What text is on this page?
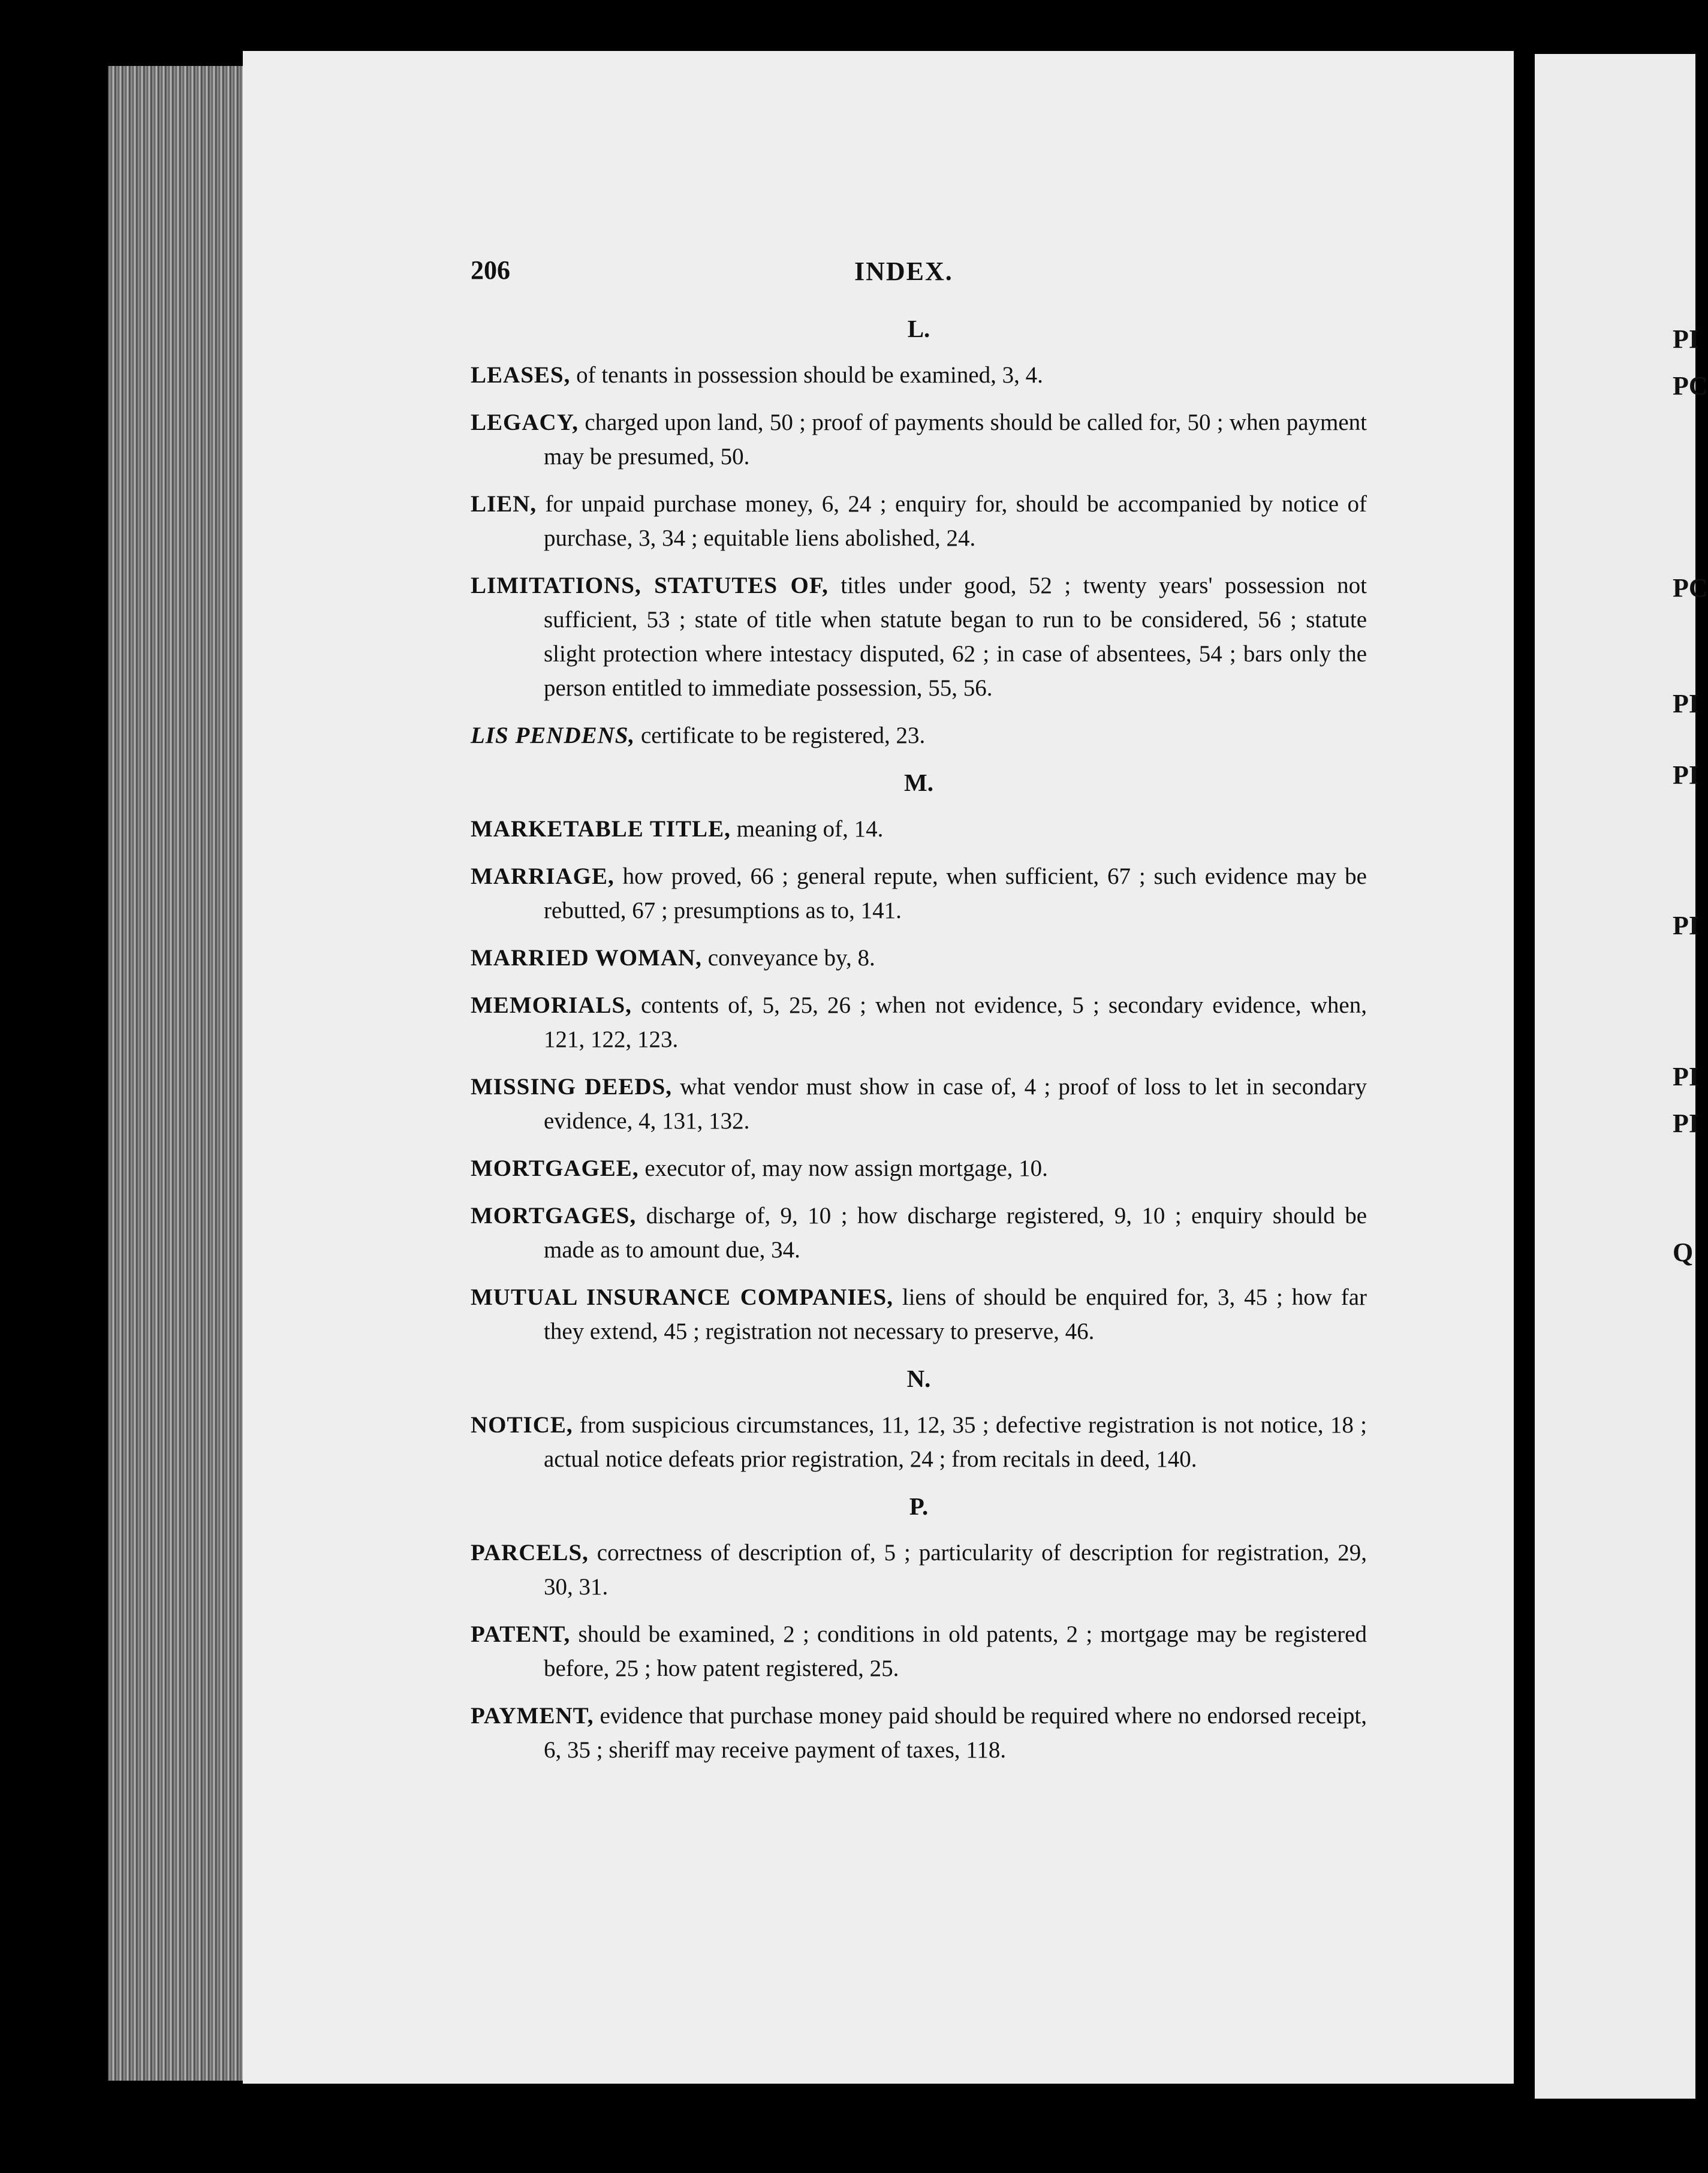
PI
PC
PC
PI
PI
PI
PI
PI
Q
206	INDEX.
L.
LEASES, of tenants in possession should be examined, 3, 4.
LEGACY, charged upon land, 50 ; proof of payments should be called for, 50 ; when payment may be presumed, 50.
LIEN, for unpaid purchase money, 6, 24 ; enquiry for, should be accompanied by notice of purchase, 3, 34 ; equitable liens abolished, 24.
LIMITATIONS, STATUTES OF, titles under good, 52 ; twenty years' possession not sufficient, 53 ; state of title when statute began to run to be considered, 56 ; statute slight protection where intestacy disputed, 62 ; in case of absentees, 54 ; bars only the person entitled to immediate possession, 55, 56.
LIS PENDENS, certificate to be registered, 23.
M.
MARKETABLE TITLE, meaning of, 14.
MARRIAGE, how proved, 66 ; general repute, when sufficient, 67 ; such evidence may be rebutted, 67 ; presumptions as to, 141.
MARRIED WOMAN, conveyance by, 8.
MEMORIALS, contents of, 5, 25, 26 ; when not evidence, 5 ; secondary evidence, when, 121, 122, 123.
MISSING DEEDS, what vendor must show in case of, 4 ; proof of loss to let in secondary evidence, 4, 131, 132.
MORTGAGEE, executor of, may now assign mortgage, 10.
MORTGAGES, discharge of, 9, 10 ; how discharge registered, 9, 10 ; enquiry should be made as to amount due, 34.
MUTUAL INSURANCE COMPANIES, liens of should be enquired for, 3, 45 ; how far they extend, 45 ; registration not necessary to preserve, 46.
N.
NOTICE, from suspicious circumstances, 11, 12, 35 ; defective registration is not notice, 18 ; actual notice defeats prior registration, 24 ; from recitals in deed, 140.
P.
PARCELS, correctness of description of, 5 ; particularity of description for registration, 29, 30, 31.
PATENT, should be examined, 2 ; conditions in old patents, 2 ; mortgage may be registered before, 25 ; how patent registered, 25.
PAYMENT, evidence that purchase money paid should be required where no endorsed receipt, 6, 35 ; sheriff may receive payment of taxes, 118.
